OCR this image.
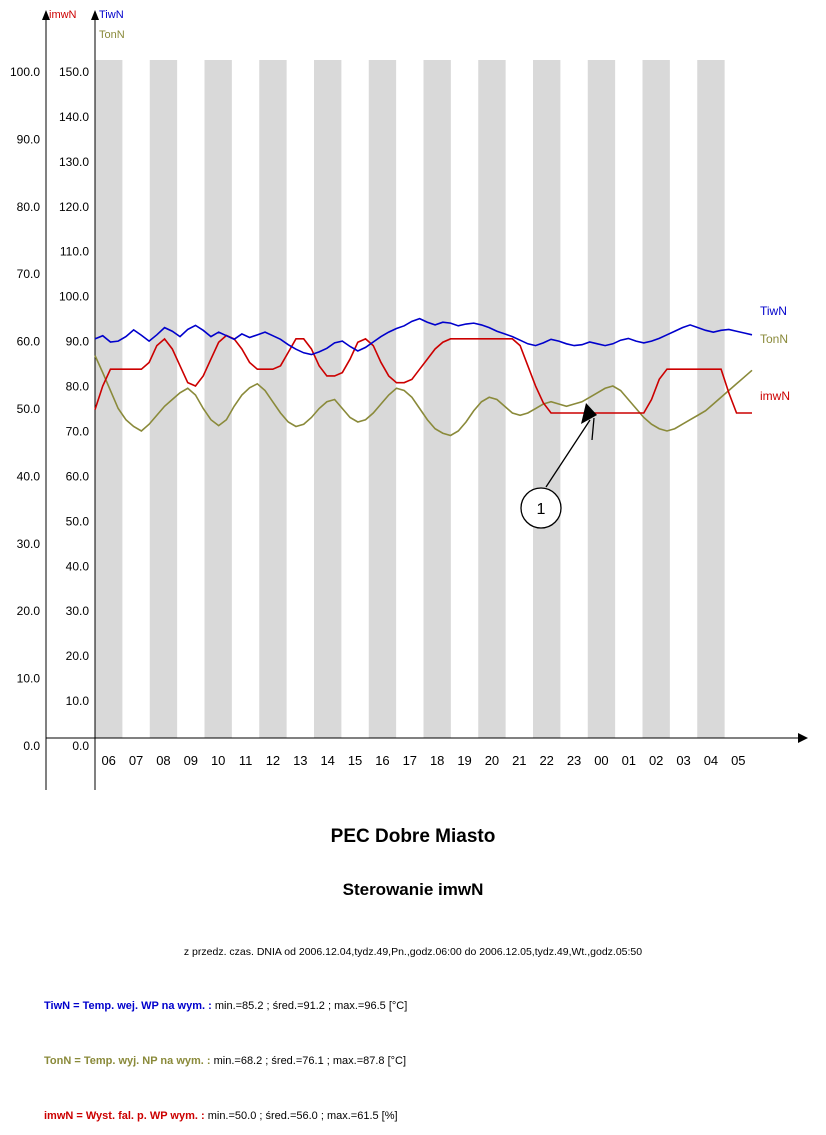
100.0
90.0
80.0
70.0
60.0
50.0
40.0
30.0
20.0
10.0
0.0
150.0
140.0
130.0
120.0
110.0
100.0
90.0
80.0
70.0
60.0
50.0
40.0
30.0
20.0
10.0
0.0
06 07 08 09 10 11 12 13 14 15 16 17 18 19 20 21 22 23 00 01 02 03 04 05
imwN TiwN
TonN
TiwN
TonN
imwN
1
PEC Dobre Miasto
Sterowanie imwN
z przedz. czas. DNIA od 2006.12.04,tydz.49,Pn.,godz.06:00 do 2006.12.05,tydz.49,Wt.,godz.05:50
TiwN = Temp. wej. WP na wym. : min.=85.2 ; śred.=91.2 ; max.=96.5 [°C]
TonN = Temp. wyj. NP na wym. : min.=68.2 ; śred.=76.1 ; max.=87.8 [°C]
imwN = Wyst. fal. p. WP wym. : min.=50.0 ; śred.=56.0 ; max.=61.5 [%]
